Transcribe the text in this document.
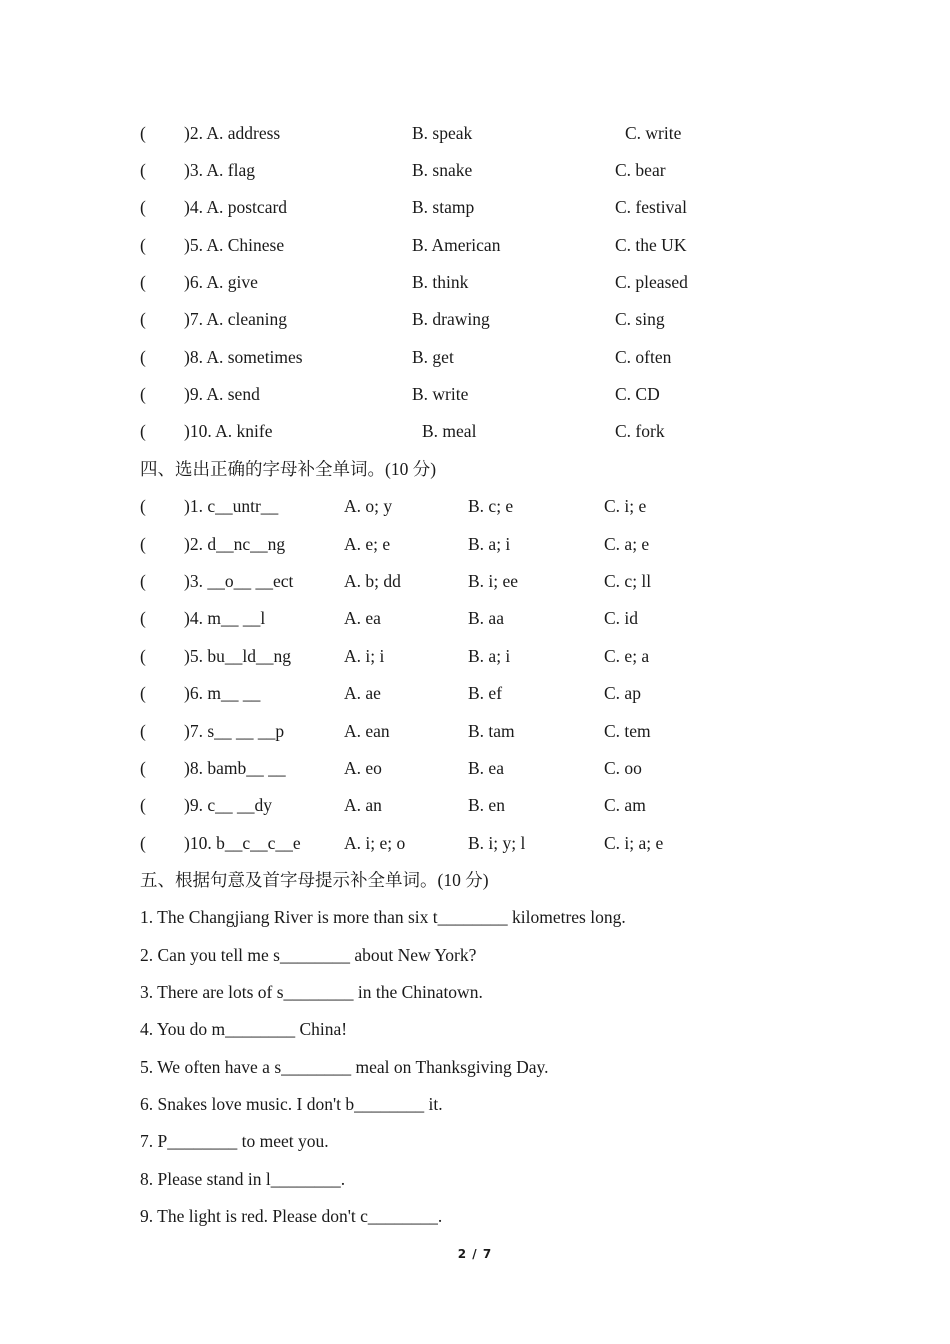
( )2. A. address	B. speak	C. write
( )3. A. flag	B. snake	C. bear
( )4. A. postcard	B. stamp	C. festival
( )5. A. Chinese	B. American	C. the UK
( )6. A. give	B. think	C. pleased
( )7. A. cleaning	B. drawing	C. sing
( )8. A. sometimes	B. get	C. often
( )9. A. send	B. write	C. CD
( )10. A. knife	B. meal	C. fork
四、选出正确的字母补全单词。(10 分)
( )1. c__untr__	A. o; y	B. c; e	C. i; e
( )2. d__nc__ng	A. e; e	B. a; i	C. a; e
( )3. __o__ __ect	A. b; dd	B. i; ee	C. c; ll
( )4. m__ __l	A. ea	B. aa	C. id
( )5. bu__ld__ng	A. i; i	B. a; i	C. e; a
( )6. m__ __	A. ae	B. ef	C. ap
( )7. s__ __ __p	A. ean	B. tam	C. tem
( )8. bamb__ __	A. eo	B. ea	C. oo
( )9. c__ __dy	A. an	B. en	C. am
( )10. b__c__c__e A. i; e; o	B. i; y; l	C. i; a; e
五、根据句意及首字母提示补全单词。(10 分)
1. The Changjiang River is more than six t________ kilometres long.
2. Can you tell me s________ about New York?
3. There are lots of s________ in the Chinatown.
4. You do m________ China!
5. We often have a s________ meal on Thanksgiving Day.
6. Snakes love music. I don't b________ it.
7. P________ to meet you.
8. Please stand in l________.
9. The light is red. Please don't c________.
2 / 7
